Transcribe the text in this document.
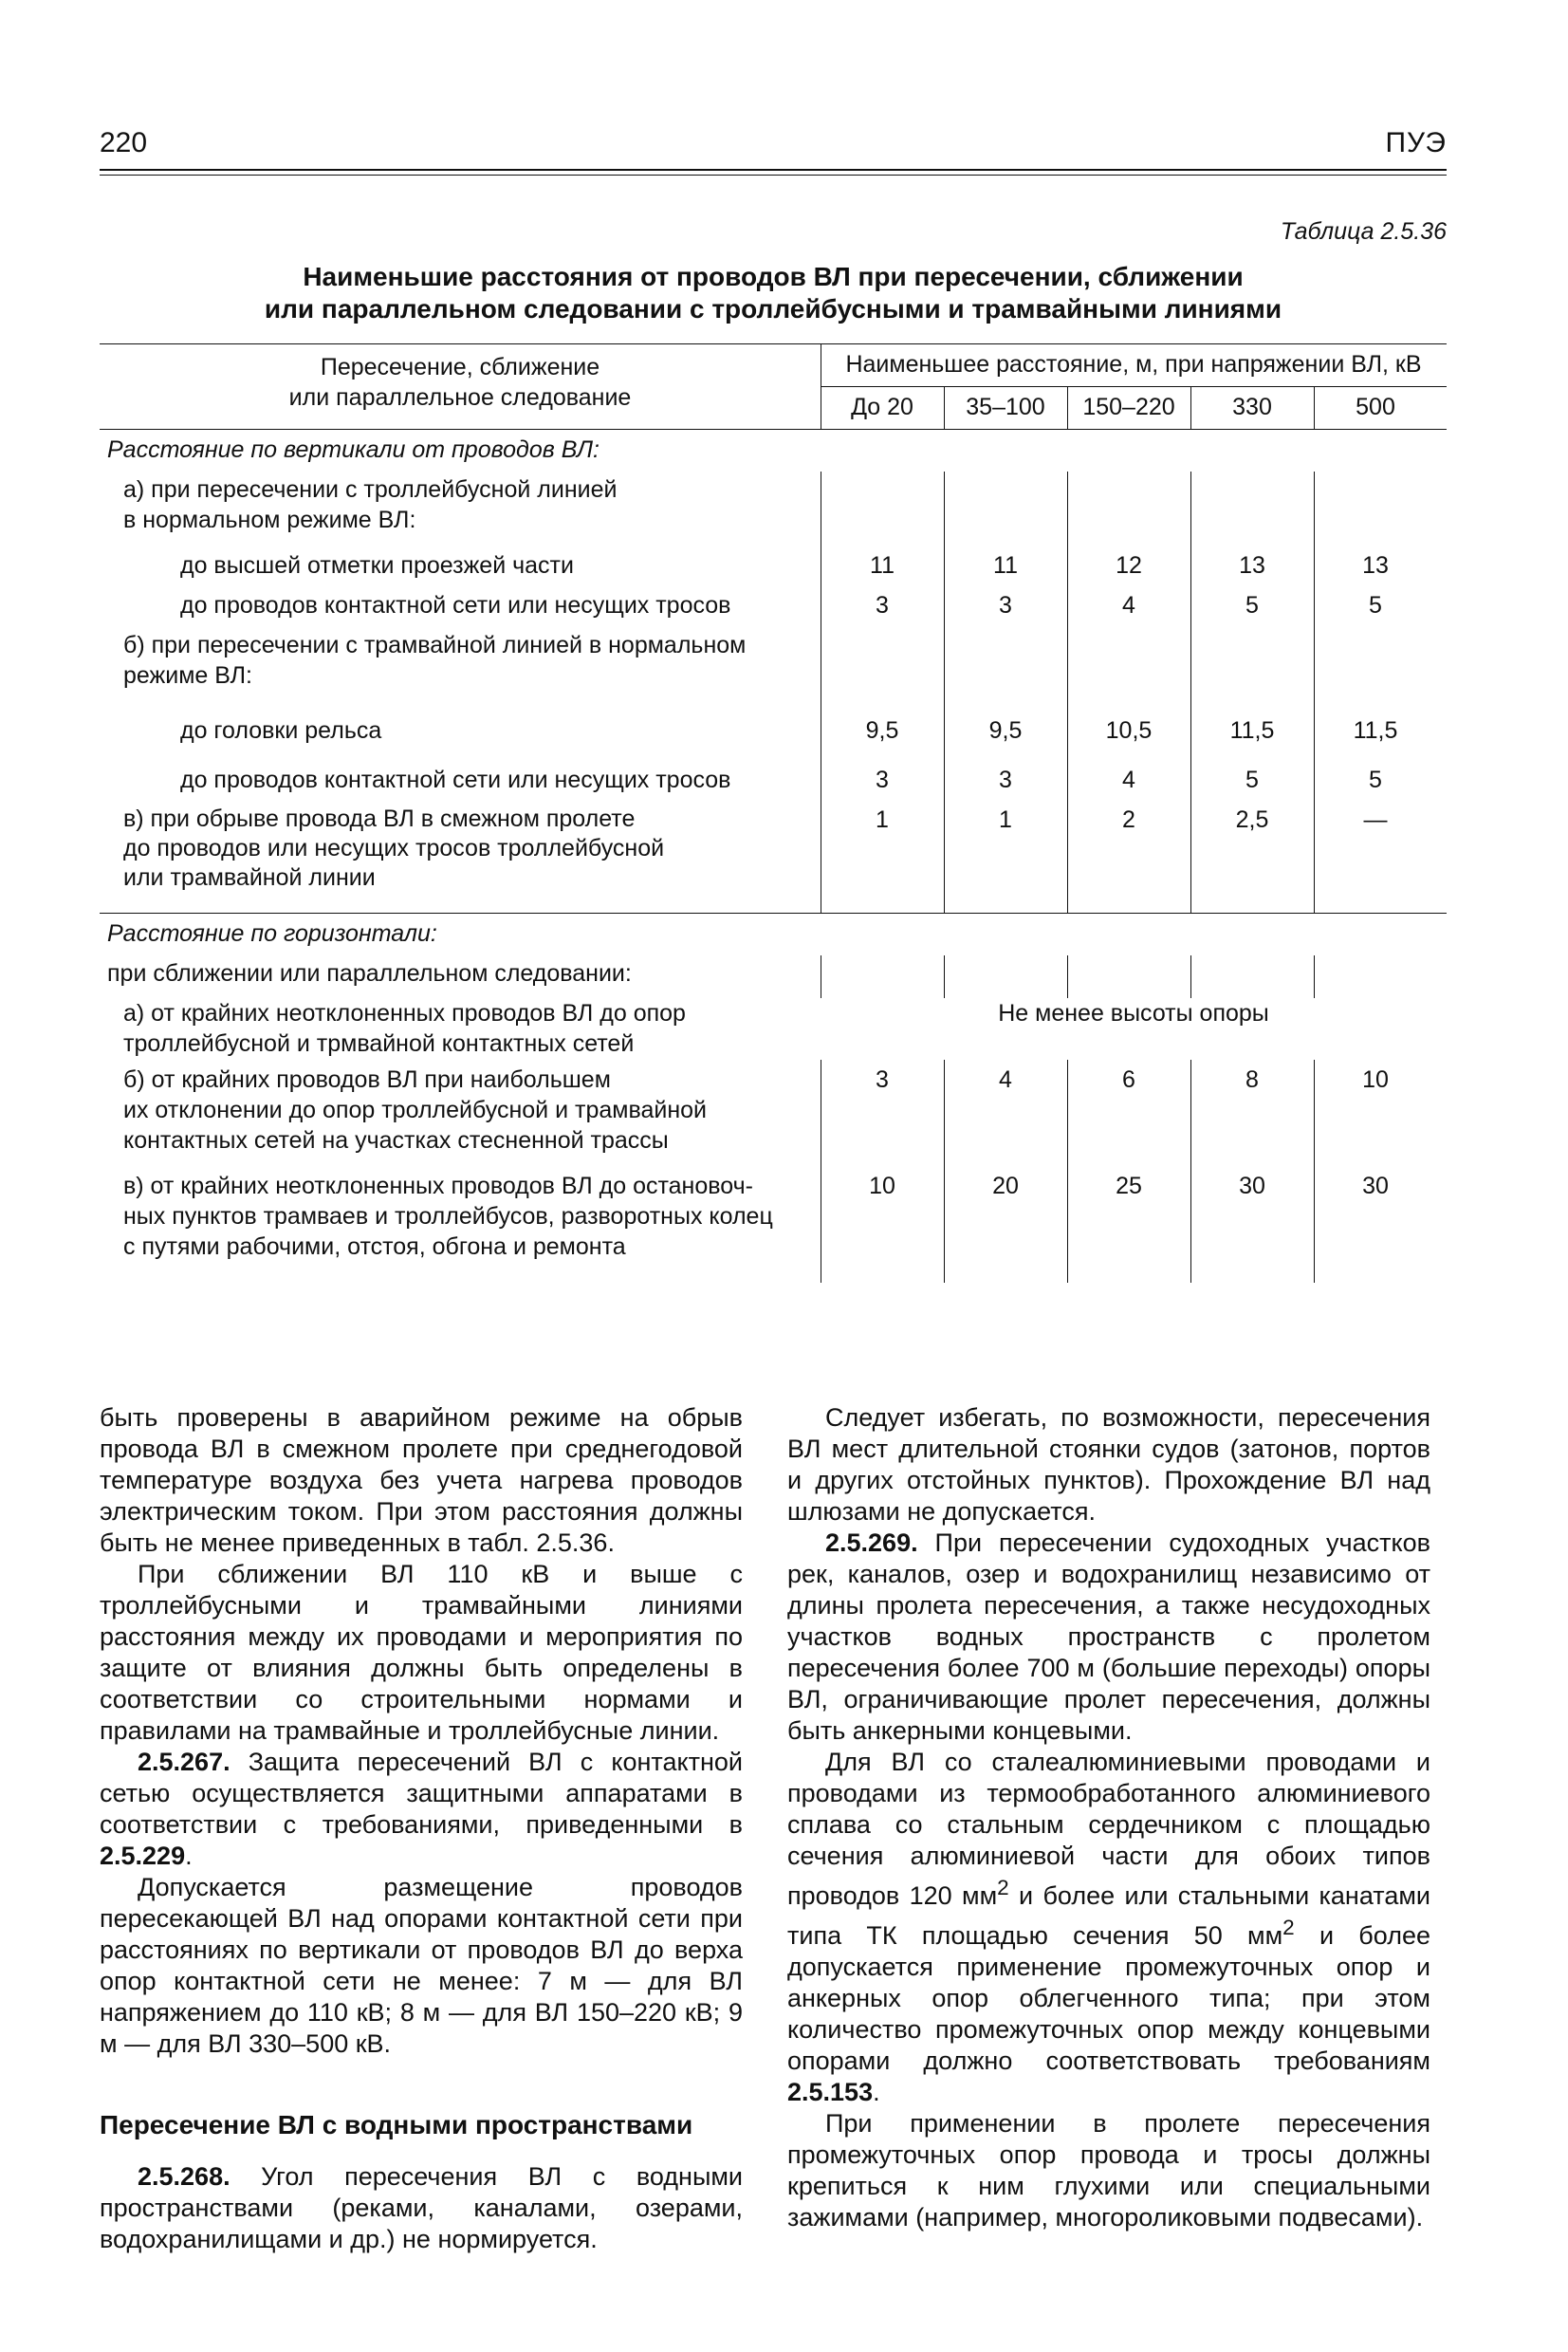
220	ПУЭ
Таблица 2.5.36
Наименьшие расстояния от проводов ВЛ при пересечении, сближении
или параллельном следовании с троллейбусными и трамвайными линиями
Пересечение, сближение
или параллельное следование
Наименьшее расстояние, м, при напряжении ВЛ, кВ
До 20	35–100	150–220	330	500
Расстояние по вертикали от проводов ВЛ:
а) при пересечении с троллейбусной линией
в нормальном режиме ВЛ:
до высшей отметки проезжей части	11	11	12	13	13
до проводов контактной сети или несущих тросов	3	3	4	5	5
б) при пересечении с трамвайной линией в нормальном
режиме ВЛ:
до головки рельса	9,5	9,5	10,5	11,5	11,5
до проводов контактной сети или несущих тросов	3	3	4	5	5
в) при обрыве провода ВЛ в смежном пролете
до проводов или несущих тросов троллейбусной
или трамвайной линии
1	1	2	2,5	—
Расстояние по горизонтали:
при сближении или параллельном следовании:
а) от крайних неотклоненных проводов ВЛ до опор
троллейбусной и трмвайной контактных сетей
Не менее высоты опоры
б) от крайних проводов ВЛ при наибольшем
их отклонении до опор троллейбусной и трамвайной
контактных сетей на участках стесненной трассы
3	4	6	8	10
в) от крайних неотклоненных проводов ВЛ до остановоч-
ных пунктов трамваев и троллейбусов, разворотных колец
с путями рабочими, отстоя, обгона и ремонта
10	20	25	30	30

быть проверены в аварийном режиме на обрыв провода ВЛ в смежном пролете при среднегодовой температуре воздуха без учета нагрева проводов электрическим током. При этом расстояния должны быть не менее приведенных в табл. 2.5.36.

При сближении ВЛ 110 кВ и выше с троллейбусными и трамвайными линиями расстояния между их проводами и мероприятия по защите от влияния должны быть определены в соответствии со строительными нормами и правилами на трамвайные и троллейбусные линии.

2.5.267. Защита пересечений ВЛ с контактной сетью осуществляется защитными аппаратами в соответствии с требованиями, приведенными в 2.5.229.

Допускается размещение проводов пересекающей ВЛ над опорами контактной сети при расстояниях по вертикали от проводов ВЛ до верха опор контактной сети не менее: 7 м — для ВЛ напряжением до 110 кВ; 8 м — для ВЛ 150–220 кВ; 9 м — для ВЛ 330–500 кВ.

Пересечение ВЛ с водными пространствами

2.5.268. Угол пересечения ВЛ с водными пространствами (реками, каналами, озерами, водохранилищами и др.) не нормируется.

Следует избегать, по возможности, пересечения ВЛ мест длительной стоянки судов (затонов, портов и других отстойных пунктов). Прохождение ВЛ над шлюзами не допускается.

2.5.269. При пересечении судоходных участков рек, каналов, озер и водохранилищ независимо от длины пролета пересечения, а также несудоходных участков водных пространств с пролетом пересечения более 700 м (большие переходы) опоры ВЛ, ограничивающие пролет пересечения, должны быть анкерными концевыми.

Для ВЛ со сталеалюминиевыми проводами и проводами из термообработанного алюминиевого сплава со стальным сердечником с площадью сечения алюминиевой части для обоих типов проводов 120 $мм^2$ и более или стальными канатами типа ТК площадью сечения 50 $мм^2$ и более допускается применение промежуточных опор и анкерных опор облегченного типа; при этом количество промежуточных опор между концевыми опорами должно соответствовать требованиям 2.5.153.

При применении в пролете пересечения промежуточных опор провода и тросы должны крепиться к ним глухими или специальными зажимами (например, многороликовыми подвесами).
